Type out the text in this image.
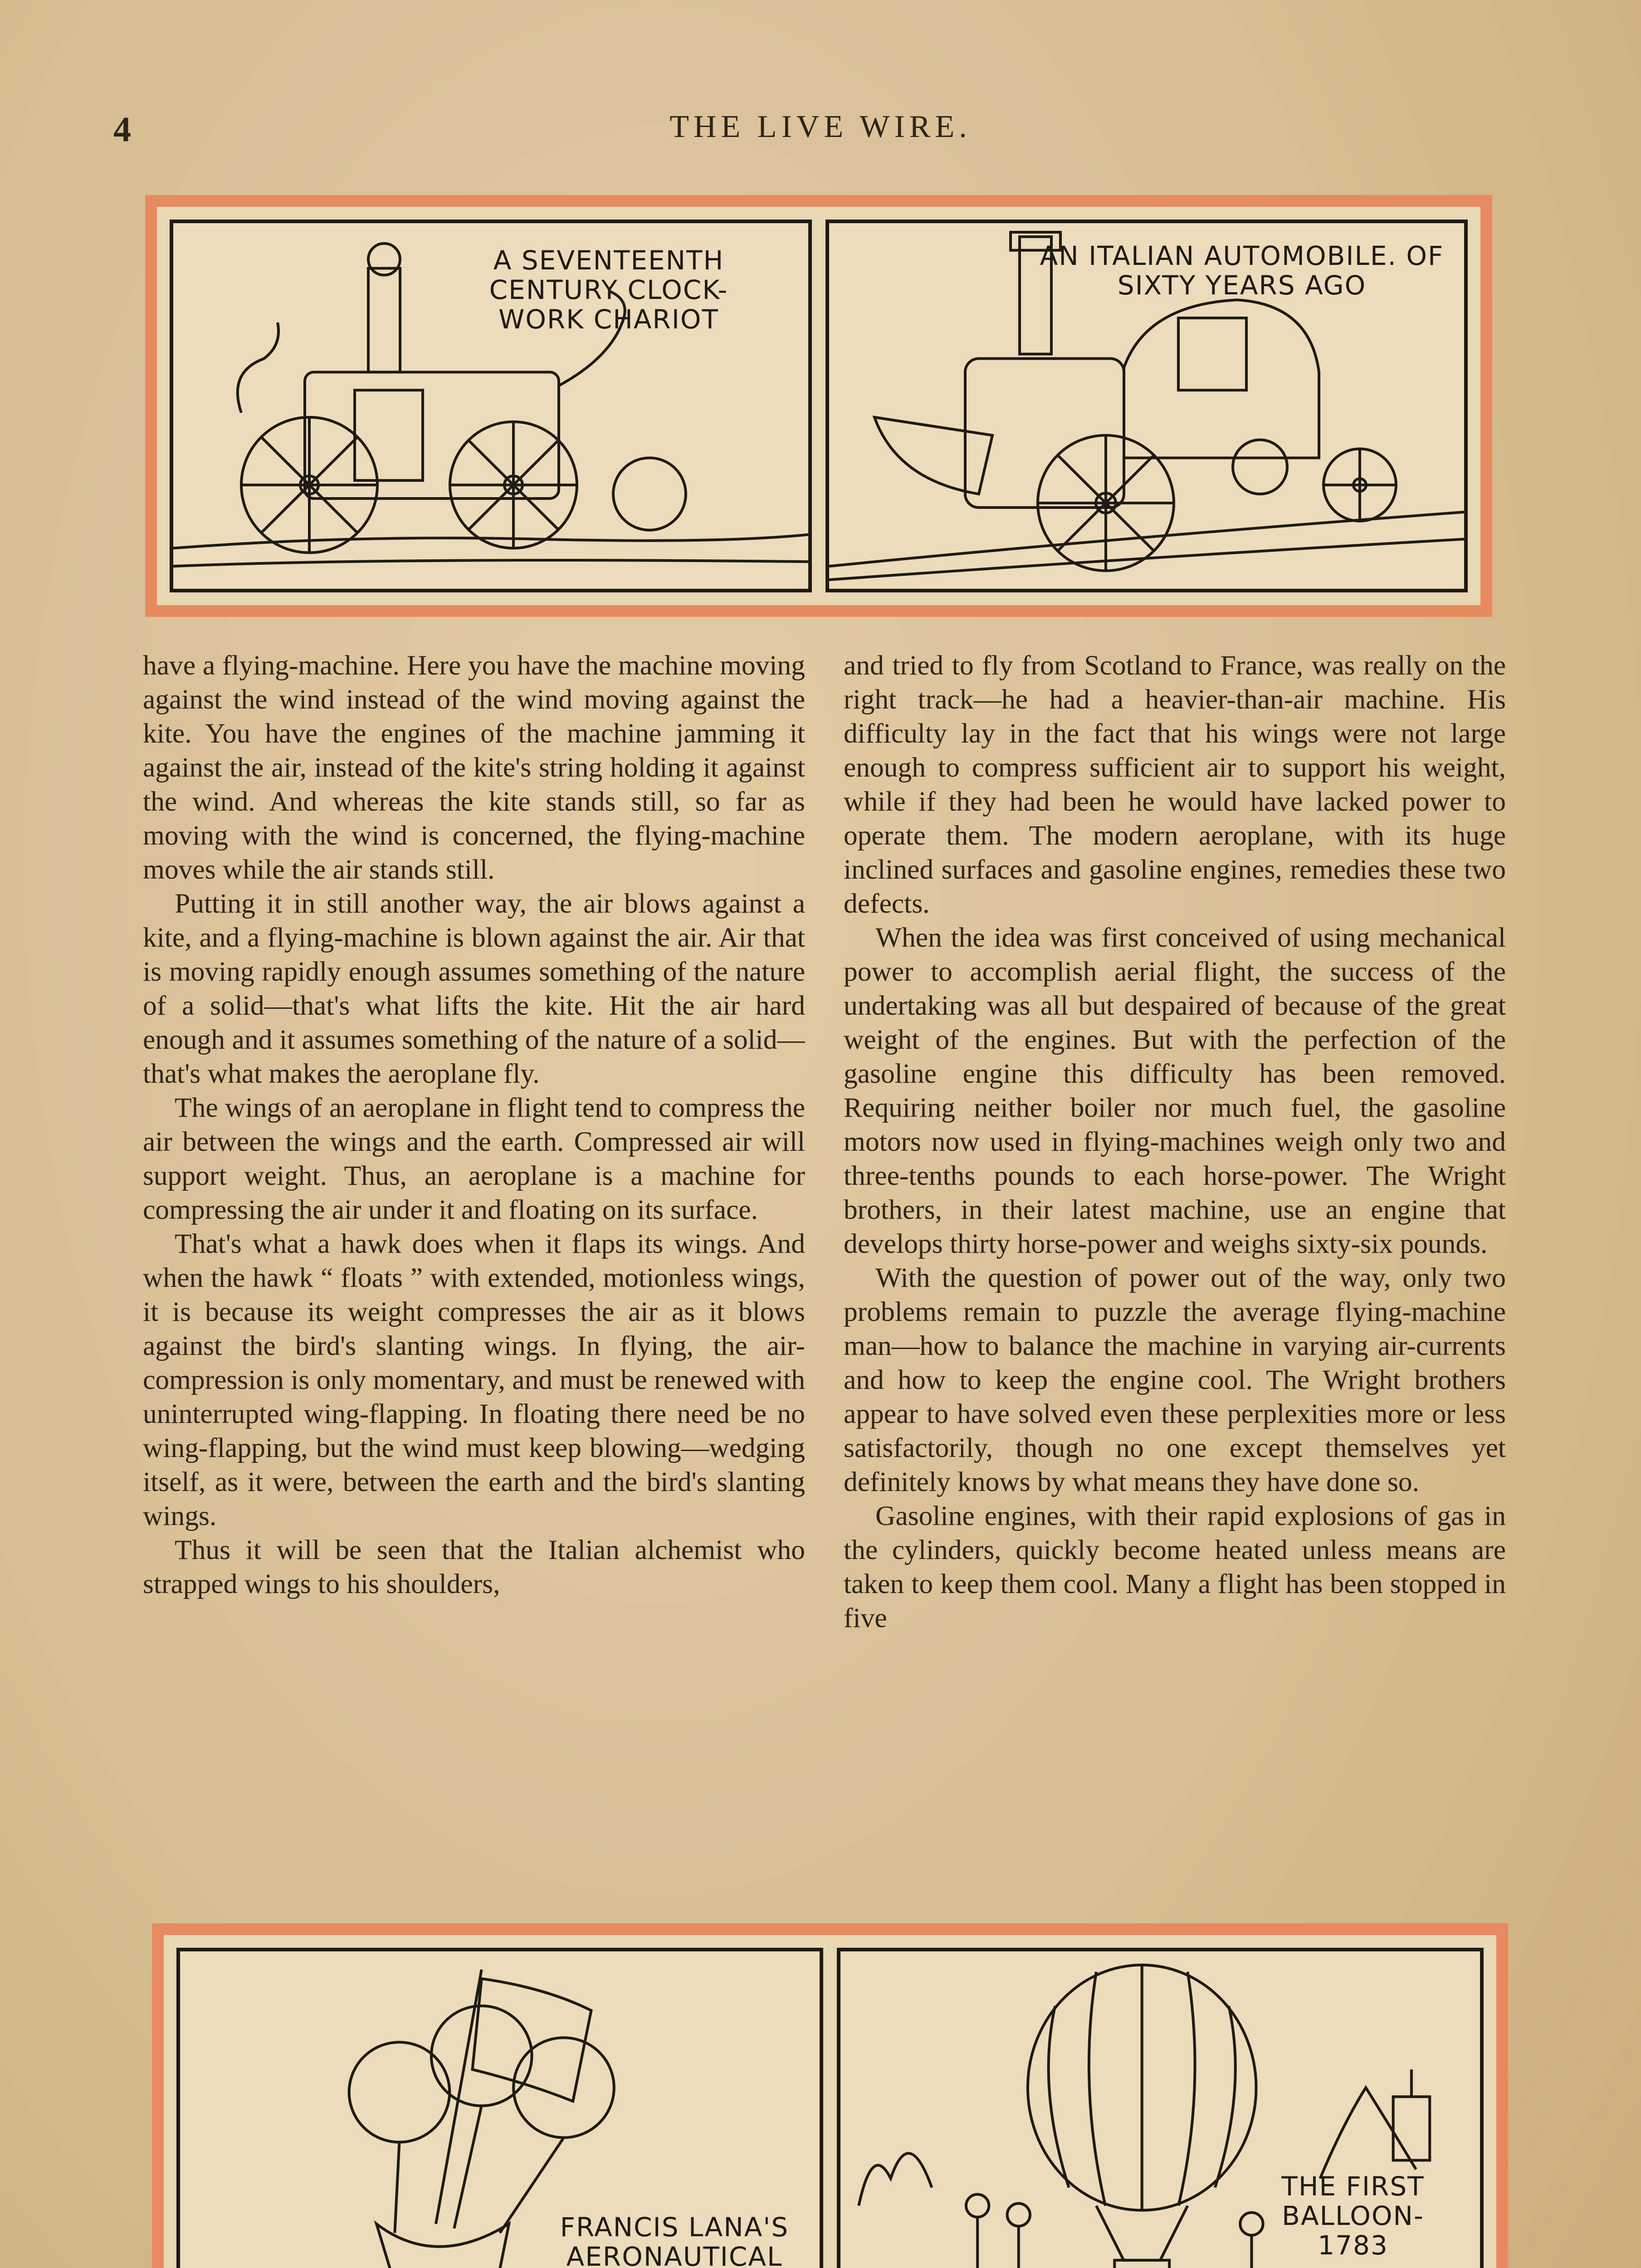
4	THE LIVE WIRE.
A SEVENTEENTH CENTURY CLOCK-WORK CHARIOT
AN ITALIAN AUTOMOBILE. OF SIXTY YEARS AGO

have a flying-machine. Here you have the machine moving against the wind instead of the wind moving against the kite. You have the engines of the machine jamming it against the air, instead of the kite's string holding it against the wind. And whereas the kite stands still, so far as moving with the wind is concerned, the flying-machine moves while the air stands still.

Putting it in still another way, the air blows against a kite, and a flying-machine is blown against the air. Air that is moving rapidly enough assumes something of the nature of a solid—that's what lifts the kite. Hit the air hard enough and it assumes something of the nature of a solid—that's what makes the aeroplane fly.

The wings of an aeroplane in flight tend to compress the air between the wings and the earth. Compressed air will support weight. Thus, an aeroplane is a machine for compressing the air under it and floating on its surface.

That's what a hawk does when it flaps its wings. And when the hawk “ floats ” with extended, motionless wings, it is because its weight compresses the air as it blows against the bird's slanting wings. In flying, the air-compression is only momentary, and must be renewed with uninterrupted wing-flapping. In floating there need be no wing-flapping, but the wind must keep blowing—wedging itself, as it were, between the earth and the bird's slanting wings.

Thus it will be seen that the Italian alchemist who strapped wings to his shoulders,

and tried to fly from Scotland to France, was really on the right track—he had a heavier-than-air machine. His difficulty lay in the fact that his wings were not large enough to compress sufficient air to support his weight, while if they had been he would have lacked power to operate them. The modern aeroplane, with its huge inclined surfaces and gasoline engines, remedies these two defects.

When the idea was first conceived of using mechanical power to accomplish aerial flight, the success of the undertaking was all but despaired of because of the great weight of the engines. But with the perfection of the gasoline engine this difficulty has been removed. Requiring neither boiler nor much fuel, the gasoline motors now used in flying-machines weigh only two and three-tenths pounds to each horse-power. The Wright brothers, in their latest machine, use an engine that develops thirty horse-power and weighs sixty-six pounds.

With the question of power out of the way, only two problems remain to puzzle the average flying-machine man—how to balance the machine in varying air-currents and how to keep the engine cool. The Wright brothers appear to have solved even these perplexities more or less satisfactorily, though no one except themselves yet definitely knows by what means they have done so.

Gasoline engines, with their rapid explosions of gas in the cylinders, quickly become heated unless means are taken to keep them cool. Many a flight has been stopped in five

FRANCIS LANA'S AERONAUTICAL
THE FIRST BALLOON- 1783
